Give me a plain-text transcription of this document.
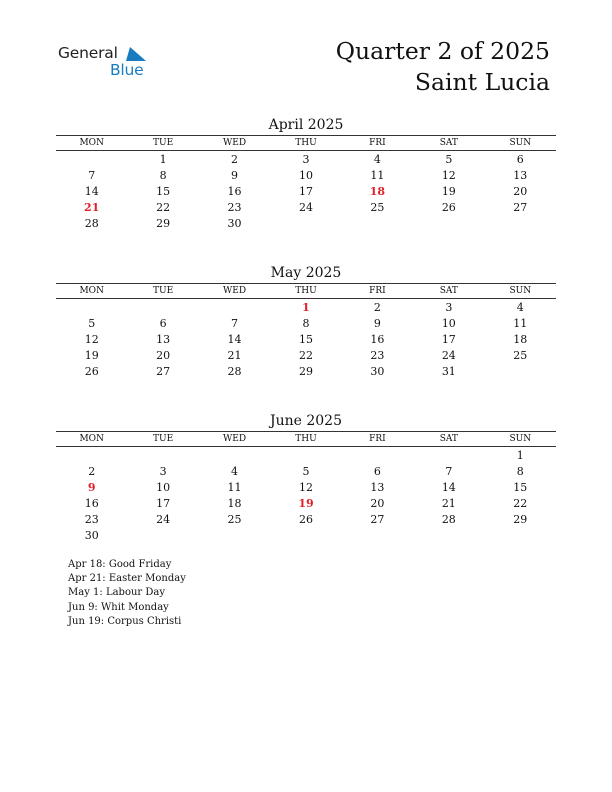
General
Blue
Quarter 2 of 2025
Saint Lucia
April 2025
MON	TUE	WED	THU	FRI	SAT	SUN
	1	2	3	4	5	6
7	8	9	10	11	12	13
14	15	16	17	18	19	20
21	22	23	24	25	26	27
28	29	30				
May 2025
MON	TUE	WED	THU	FRI	SAT	SUN
			1	2	3	4
5	6	7	8	9	10	11
12	13	14	15	16	17	18
19	20	21	22	23	24	25
26	27	28	29	30	31	
June 2025
MON	TUE	WED	THU	FRI	SAT	SUN
						1
2	3	4	5	6	7	8
9	10	11	12	13	14	15
16	17	18	19	20	21	22
23	24	25	26	27	28	29
30						
Apr 18: Good Friday
Apr 21: Easter Monday
May 1: Labour Day
Jun 9: Whit Monday
Jun 19: Corpus Christi
